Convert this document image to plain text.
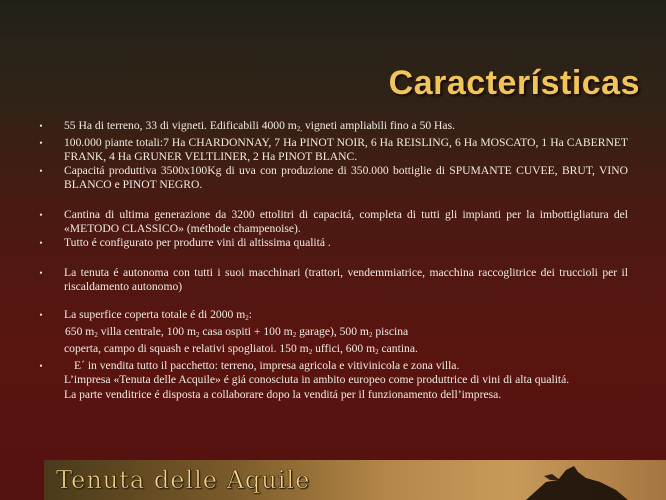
Características
• 55 Ha di terreno, 33 di vigneti. Edificabili 4000 $m_{2,}$ vigneti ampliabili fino a 50 Has.
• 100.000 piante totali:7 Ha CHARDONNAY, 7 Ha PINOT NOIR, 6 Ha REISLING, 6 Ha MOSCATO, 1 Ha CABERNET FRANK, 4 Ha GRUNER VELTLINER, 2 Ha PINOT BLANC.
• Capacitá produttiva 3500x100Kg di uva con produzione di 350.000 bottiglie di SPUMANTE CUVEE, BRUT, VINO BLANCO e PINOT NEGRO.
• Cantina di ultima generazione da 3200 ettolitri di capacitá, completa di tutti gli impianti per la imbottigliatura del «METODO CLASSICO» (méthode champenoise).
• Tutto é configurato per produrre vini di altissima qualitá .
• La tenuta é autonoma con tutti i suoi macchinari (trattori, vendemmiatrice, macchina raccoglitrice dei truccioli per il riscaldamento autonomo)
• La superfice coperta totale é di 2000 $m_2$:
650 $m_2$ villa centrale, 100 $m_2$ casa ospiti + 100 $m_2$ garage), 500 $m_2$ piscina
coperta, campo di squash e relativi spogliatoi. 150 $m_2$ uffici, 600 $m_2$ cantina.
•	E´ in vendita tutto il pacchetto: terreno, impresa agricola e vitivinicola e zona villa.
L’impresa «Tenuta delle Acquile» é giá conosciuta in ambito europeo come produttrice di vini di alta qualitá.
La parte venditrice é disposta a collaborare dopo la venditá per il funzionamento dell’impresa.
Tenuta delle Aquile
